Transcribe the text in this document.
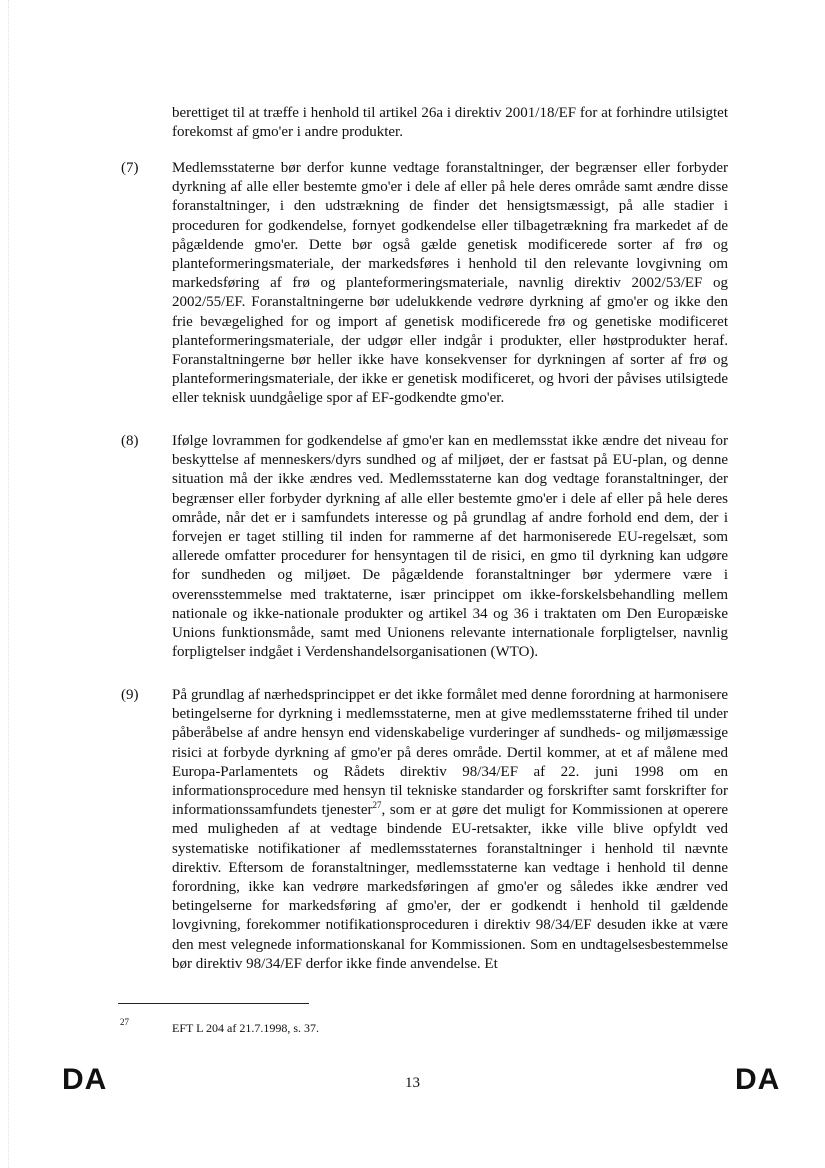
berettiget til at træffe i henhold til artikel 26a i direktiv 2001/18/EF for at forhindre utilsigtet forekomst af gmo'er i andre produkter.
(7) Medlemsstaterne bør derfor kunne vedtage foranstaltninger, der begrænser eller forbyder dyrkning af alle eller bestemte gmo'er i dele af eller på hele deres område samt ændre disse foranstaltninger, i den udstrækning de finder det hensigtsmæssigt, på alle stadier i proceduren for godkendelse, fornyet godkendelse eller tilbagetrækning fra markedet af de pågældende gmo'er. Dette bør også gælde genetisk modificerede sorter af frø og planteformeringsmateriale, der markedsføres i henhold til den relevante lovgivning om markedsføring af frø og planteformeringsmateriale, navnlig direktiv 2002/53/EF og 2002/55/EF. Foranstaltningerne bør udelukkende vedrøre dyrkning af gmo'er og ikke den frie bevægelighed for og import af genetisk modificerede frø og genetiske modificeret planteformeringsmateriale, der udgør eller indgår i produkter, eller høstprodukter heraf. Foranstaltningerne bør heller ikke have konsekvenser for dyrkningen af sorter af frø og planteformeringsmateriale, der ikke er genetisk modificeret, og hvori der påvises utilsigtede eller teknisk uundgåelige spor af EF-godkendte gmo'er.
(8) Ifølge lovrammen for godkendelse af gmo'er kan en medlemsstat ikke ændre det niveau for beskyttelse af menneskers/dyrs sundhed og af miljøet, der er fastsat på EU-plan, og denne situation må der ikke ændres ved. Medlemsstaterne kan dog vedtage foranstaltninger, der begrænser eller forbyder dyrkning af alle eller bestemte gmo'er i dele af eller på hele deres område, når det er i samfundets interesse og på grundlag af andre forhold end dem, der i forvejen er taget stilling til inden for rammerne af det harmoniserede EU-regelsæt, som allerede omfatter procedurer for hensyntagen til de risici, en gmo til dyrkning kan udgøre for sundheden og miljøet. De pågældende foranstaltninger bør ydermere være i overensstemmelse med traktaterne, især princippet om ikke-forskelsbehandling mellem nationale og ikke-nationale produkter og artikel 34 og 36 i traktaten om Den Europæiske Unions funktionsmåde, samt med Unionens relevante internationale forpligtelser, navnlig forpligtelser indgået i Verdenshandelsorganisationen (WTO).
(9) På grundlag af nærhedsprincippet er det ikke formålet med denne forordning at harmonisere betingelserne for dyrkning i medlemsstaterne, men at give medlemsstaterne frihed til under påberåbelse af andre hensyn end videnskabelige vurderinger af sundheds- og miljømæssige risici at forbyde dyrkning af gmo'er på deres område. Dertil kommer, at et af målene med Europa-Parlamentets og Rådets direktiv 98/34/EF af 22. juni 1998 om en informationsprocedure med hensyn til tekniske standarder og forskrifter samt forskrifter for informationssamfundets tjenester$^{27}$, som er at gøre det muligt for Kommissionen at operere med muligheden af at vedtage bindende EU-retsakter, ikke ville blive opfyldt ved systematiske notifikationer af medlemsstaternes foranstaltninger i henhold til nævnte direktiv. Eftersom de foranstaltninger, medlemsstaterne kan vedtage i henhold til denne forordning, ikke kan vedrøre markedsføringen af gmo'er og således ikke ændrer ved betingelserne for markedsføring af gmo'er, der er godkendt i henhold til gældende lovgivning, forekommer notifikationsproceduren i direktiv 98/34/EF desuden ikke at være den mest velegnede informationskanal for Kommissionen. Som en undtagelsesbestemmelse bør direktiv 98/34/EF derfor ikke finde anvendelse. Et
27	EFT L 204 af 21.7.1998, s. 37.
DA	13	DA
